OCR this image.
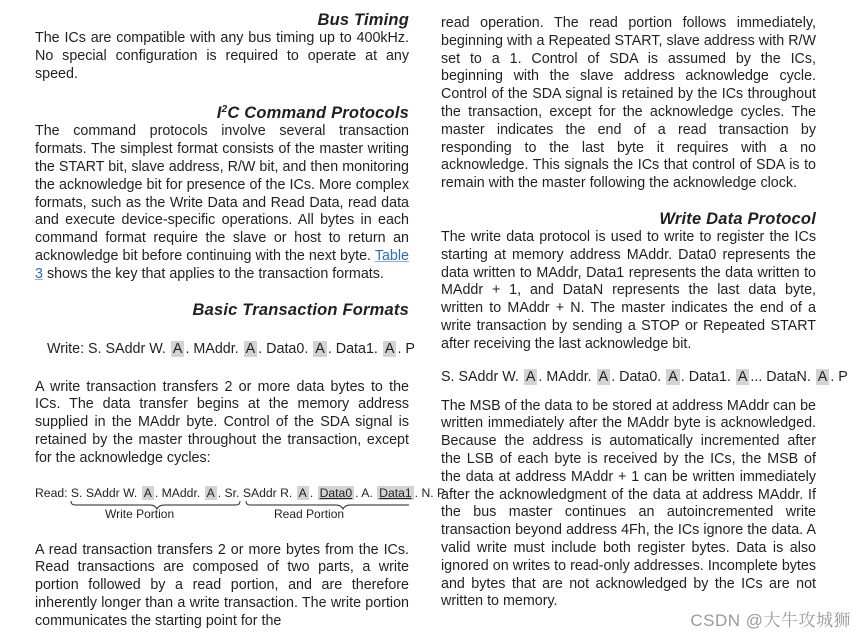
Bus Timing

The ICs are compatible with any bus timing up to 400kHz. No special configuration is required to operate at any speed.

$I^2C$ Command Protocols

The command protocols involve several transaction formats. The simplest format consists of the master writing the START bit, slave address, R/W bit, and then monitoring the acknowledge bit for presence of the ICs. More complex formats, such as the Write Data and Read Data, read data and execute device-specific operations. All bytes in each command format require the slave or host to return an acknowledge bit before continuing with the next byte. Table 3 shows the key that applies to the transaction formats.

Basic Transaction Formats
Write: S. SAddr W. A . MAddr. A . Data0. A . Data1. A . P

A write transaction transfers 2 or more data bytes to the ICs. The data transfer begins at the memory address supplied in the MAddr byte. Control of the SDA signal is retained by the master throughout the transaction, except for the acknowledge cycles:

Read: S. SAddr W. A . MAddr. A . Sr. SAddr R. A . Data0 . A. Data1 . N. P
Write Portion	Read Portion

A read transaction transfers 2 or more bytes from the ICs. Read transactions are composed of two parts, a write portion followed by a read portion, and are therefore inherently longer than a write transaction. The write portion communicates the starting point for the

read operation. The read portion follows immediately, beginning with a Repeated START, slave address with R/W set to a 1. Control of SDA is assumed by the ICs, beginning with the slave address acknowledge cycle. Control of the SDA signal is retained by the ICs throughout the transaction, except for the acknowledge cycles. The master indicates the end of a read transaction by responding to the last byte it requires with a no acknowledge. This signals the ICs that control of SDA is to remain with the master following the acknowledge clock.

Write Data Protocol

The write data protocol is used to write to register the ICs starting at memory address MAddr. Data0 represents the data written to MAddr, Data1 represents the data written to MAddr + 1, and DataN represents the last data byte, written to MAddr + N. The master indicates the end of a write transaction by sending a STOP or Repeated START after receiving the last acknowledge bit.

S. SAddr W. A . MAddr. A . Data0. A . Data1. A ... DataN. A . P

The MSB of the data to be stored at address MAddr can be written immediately after the MAddr byte is acknowledged. Because the address is automatically incremented after the LSB of each byte is received by the ICs, the MSB of the data at address MAddr + 1 can be written immediately after the acknowledgment of the data at address MAddr. If the bus master continues an autoincremented write transaction beyond address 4Fh, the ICs ignore the data. A valid write must include both register bytes. Data is also ignored on writes to read-only addresses. Incomplete bytes and bytes that are not acknowledged by the ICs are not written to memory.

CSDN @大牛攻城狮
